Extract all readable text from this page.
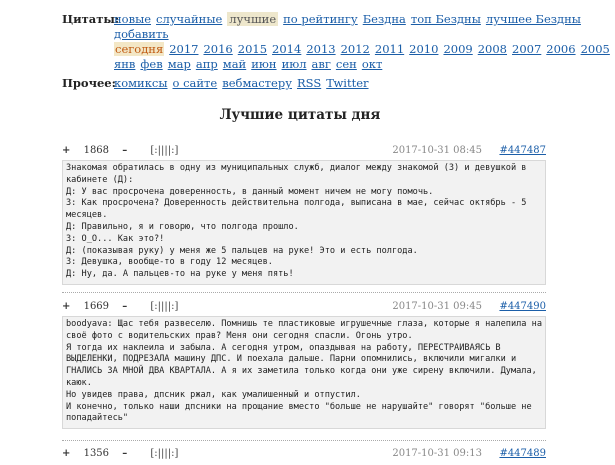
Цитаты:
новые случайные лучшие по рейтингу Бездна топ Бездны лучшее Бездны
добавить
сегодня 2017 2016 2015 2014 2013 2012 2011 2010 2009 2008 2007 2006 2005
янв фев мар апр май июн июл авг сен окт
Прочее:
комиксы о сайте вебмастеру RSS Twitter
Лучшие цитаты дня
+ 1868 – [:||||:]	2017-10-31 08:45 #447487
Знакомая обратилась в одну из муниципальных служб, диалог между знакомой (З) и девушкой в кабинете (Д):
Д: У вас просрочена доверенность, в данный момент ничем не могу помочь.
З: Как просрочена? Доверенность действительна полгода, выписана в мае, сейчас октябрь - 5 месяцев.
Д: Правильно, я и говорю, что полгода прошло.
З: О_О... Как это?!
Д: (показывая руку) у меня же 5 пальцев на руке! Это и есть полгода.
З: Девушка, вообще-то в году 12 месяцев.
Д: Ну, да. А пальцев-то на руке у меня пять!
+ 1669 – [:||||:]	2017-10-31 09:45 #447490
boodyava: Щас тебя развеселю. Помнишь те пластиковые игрушечные глаза, которые я налепила на своё фото с водительских прав? Меня они сегодня спасли. Огонь утро.
Я тогда их наклеила и забыла. А сегодня утром, опаздывая на работу, ПЕРЕСТРАИВАЯСЬ В ВЫДЕЛЕНКИ, ПОДРЕЗАЛА машину ДПС. И поехала дальше. Парни опомнились, включили мигалки и ГНАЛИСЬ ЗА МНОЙ ДВА КВАРТАЛА. А я их заметила только когда они уже сирену включили. Думала, каюк.
Но увидев права, дпсник ржал, как умалишенный и отпустил.
И конечно, только наши дпсники на прощание вместо "больше не нарушайте" говорят "больше не попадайтесь"
+ 1356 – [:||||:]	2017-10-31 09:13 #447489
